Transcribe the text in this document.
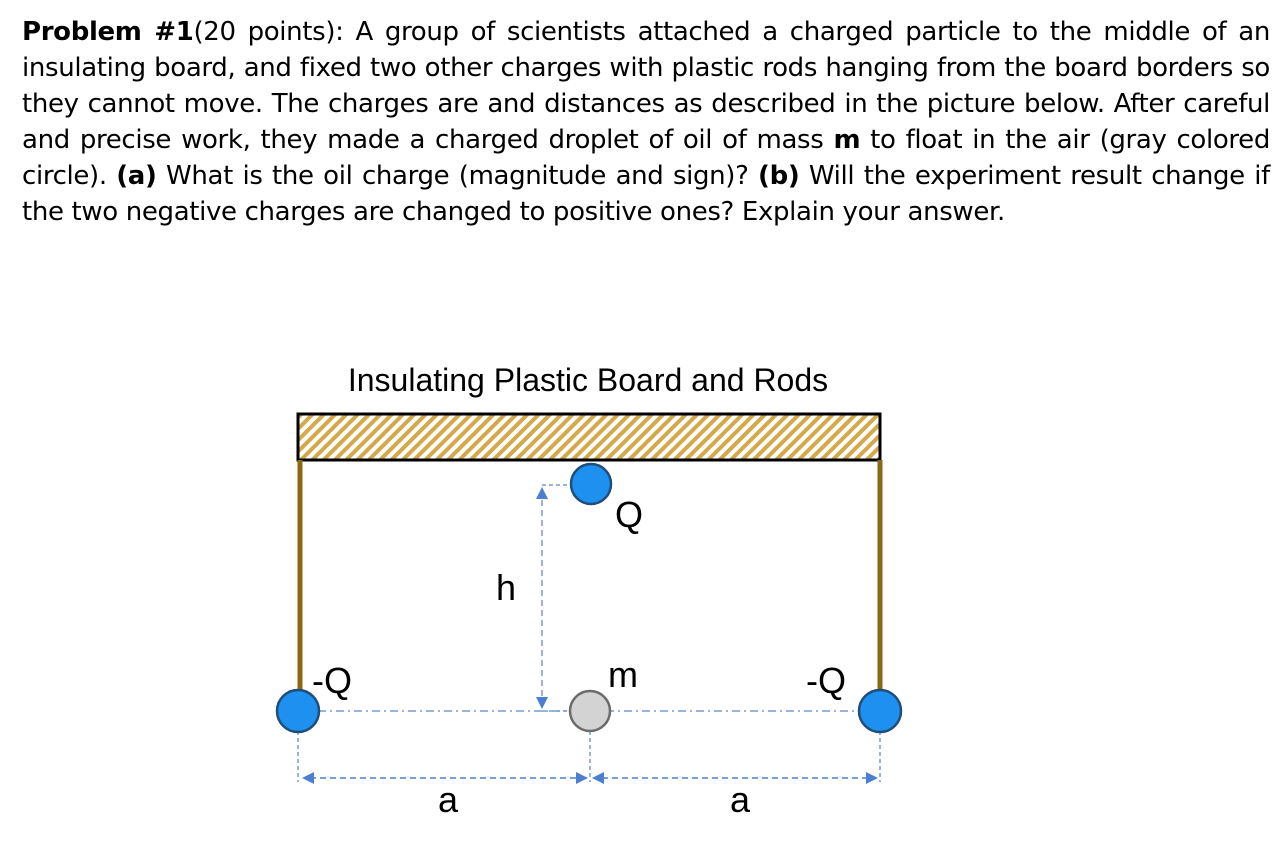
Problem #1(20 points): A group of scientists attached a charged particle to the middle of an insulating board, and fixed two other charges with plastic rods hanging from the board borders so they cannot move. The charges are and distances as described in the picture below. After careful and precise work, they made a charged droplet of oil of mass m to float in the air (gray colored circle). (a) What is the oil charge (magnitude and sign)? (b) Will the experiment result change if the two negative charges are changed to positive ones? Explain your answer.

Insulating Plastic Board and Rods
Q
h
m
-Q	-Q
a	a
